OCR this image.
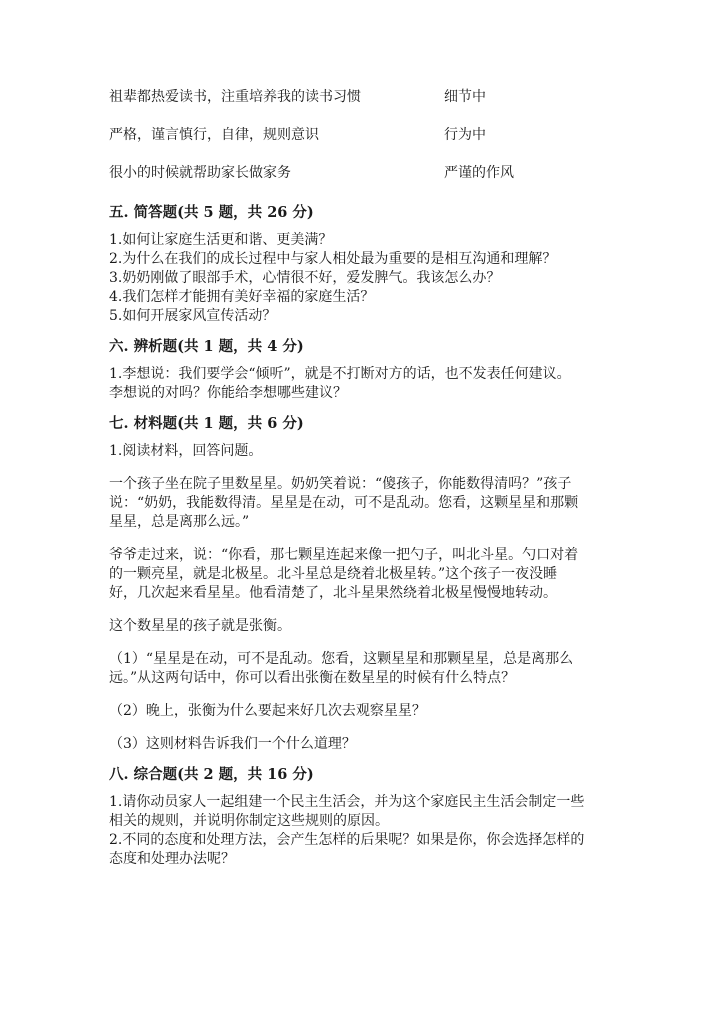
祖辈都热爱读书，注重培养我的读书习惯	细节中
严格，谨言慎行，自律，规则意识	行为中
很小的时候就帮助家长做家务	严谨的作风
五. 简答题(共 5 题，共 26 分)

1.如何让家庭生活更和谐、更美满？

2.为什么在我们的成长过程中与家人相处最为重要的是相互沟通和理解？

3.奶奶刚做了眼部手术，心情很不好，爱发脾气。我该怎么办？

4.我们怎样才能拥有美好幸福的家庭生活？

5.如何开展家风宣传活动？

六. 辨析题(共 1 题，共 4 分)

1.李想说：我们要学会“倾听”，就是不打断对方的话，也不发表任何建议。

李想说的对吗？你能给李想哪些建议？

七. 材料题(共 1 题，共 6 分)

1.阅读材料，回答问题。

一个孩子坐在院子里数星星。奶奶笑着说：“傻孩子，你能数得清吗？”孩子

说：“奶奶，我能数得清。星星是在动，可不是乱动。您看，这颗星星和那颗

星星，总是离那么远。”

爷爷走过来，说：“你看，那七颗星连起来像一把勺子，叫北斗星。勺口对着

的一颗亮星，就是北极星。北斗星总是绕着北极星转。”这个孩子一夜没睡

好，几次起来看星星。他看清楚了，北斗星果然绕着北极星慢慢地转动。

这个数星星的孩子就是张衡。

（1）“星星是在动，可不是乱动。您看，这颗星星和那颗星星，总是离那么

远。”从这两句话中，你可以看出张衡在数星星的时候有什么特点？

（2）晚上，张衡为什么要起来好几次去观察星星？

（3）这则材料告诉我们一个什么道理？

八. 综合题(共 2 题，共 16 分)

1.请你动员家人一起组建一个民主生活会，并为这个家庭民主生活会制定一些

相关的规则，并说明你制定这些规则的原因。

2.不同的态度和处理方法，会产生怎样的后果呢？如果是你，你会选择怎样的

态度和处理办法呢？
